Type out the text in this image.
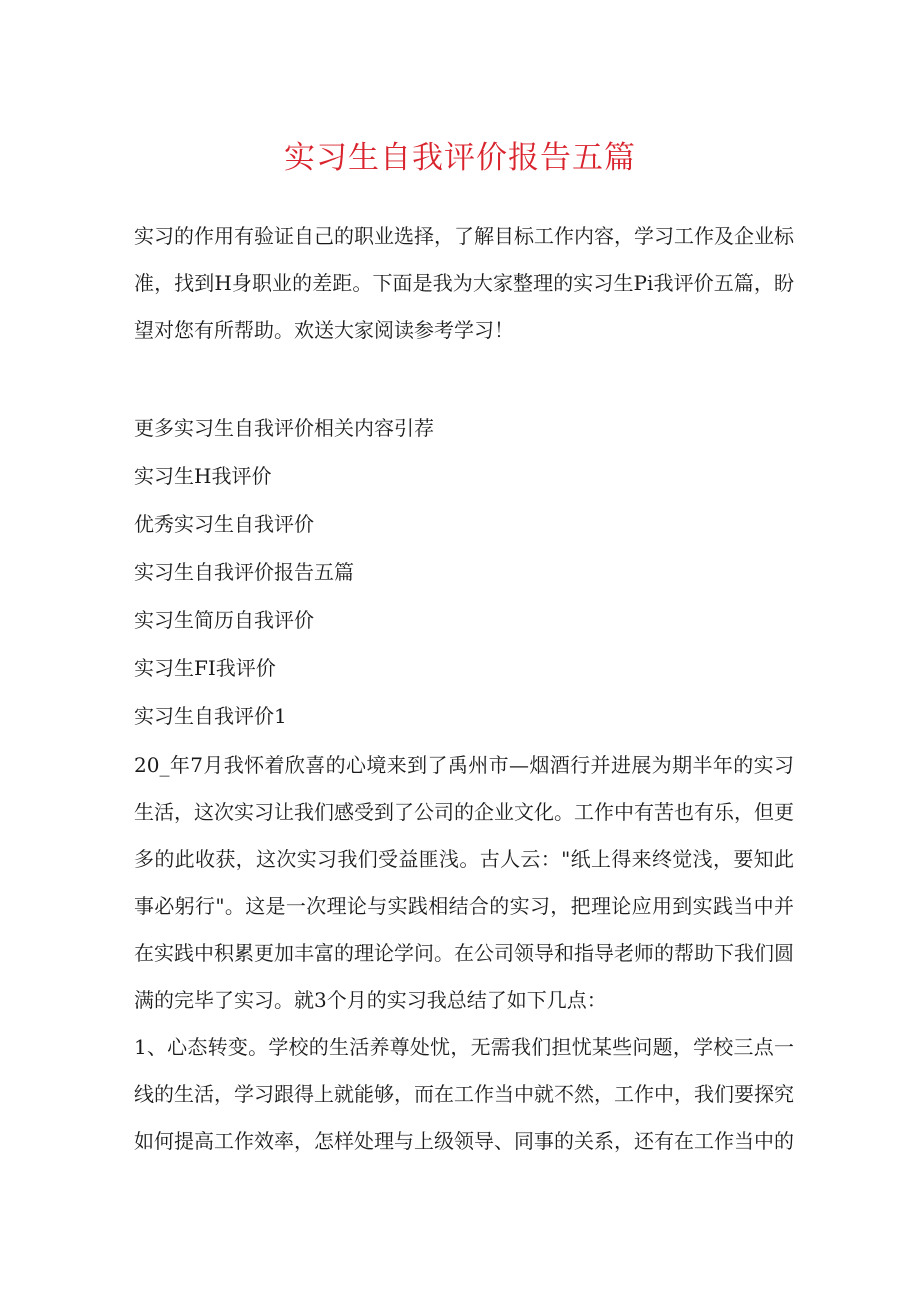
实习生自我评价报告五篇

实习的作用有验证自己的职业选择，了解目标工作内容，学习工作及企业标准，找到H身职业的差距。下面是我为大家整理的实习生Pi我评价五篇，盼望对您有所帮助。欢送大家阅读参考学习！

更多实习生自我评价相关内容引荐
实习生H我评价
优秀实习生自我评价
实习生自我评价报告五篇
实习生简历自我评价
实习生FI我评价
实习生自我评价1

20_年7月我怀着欣喜的心境来到了禹州市—烟酒行并进展为期半年的实习生活，这次实习让我们感受到了公司的企业文化。工作中有苦也有乐，但更多的此收获，这次实习我们受益匪浅。古人云："纸上得来终觉浅，要知此事必躬行"。这是一次理论与实践相结合的实习，把理论应用到实践当中并在实践中积累更加丰富的理论学问。在公司领导和指导老师的帮助下我们圆满的完毕了实习。就3个月的实习我总结了如下几点：

1、心态转变。学校的生活养尊处忧，无需我们担忧某些问题，学校三点一线的生活，学习跟得上就能够，而在工作当中就不然，工作中，我们要探究如何提高工作效率，怎样处理与上级领导、同事的关系，还有在工作当中的
